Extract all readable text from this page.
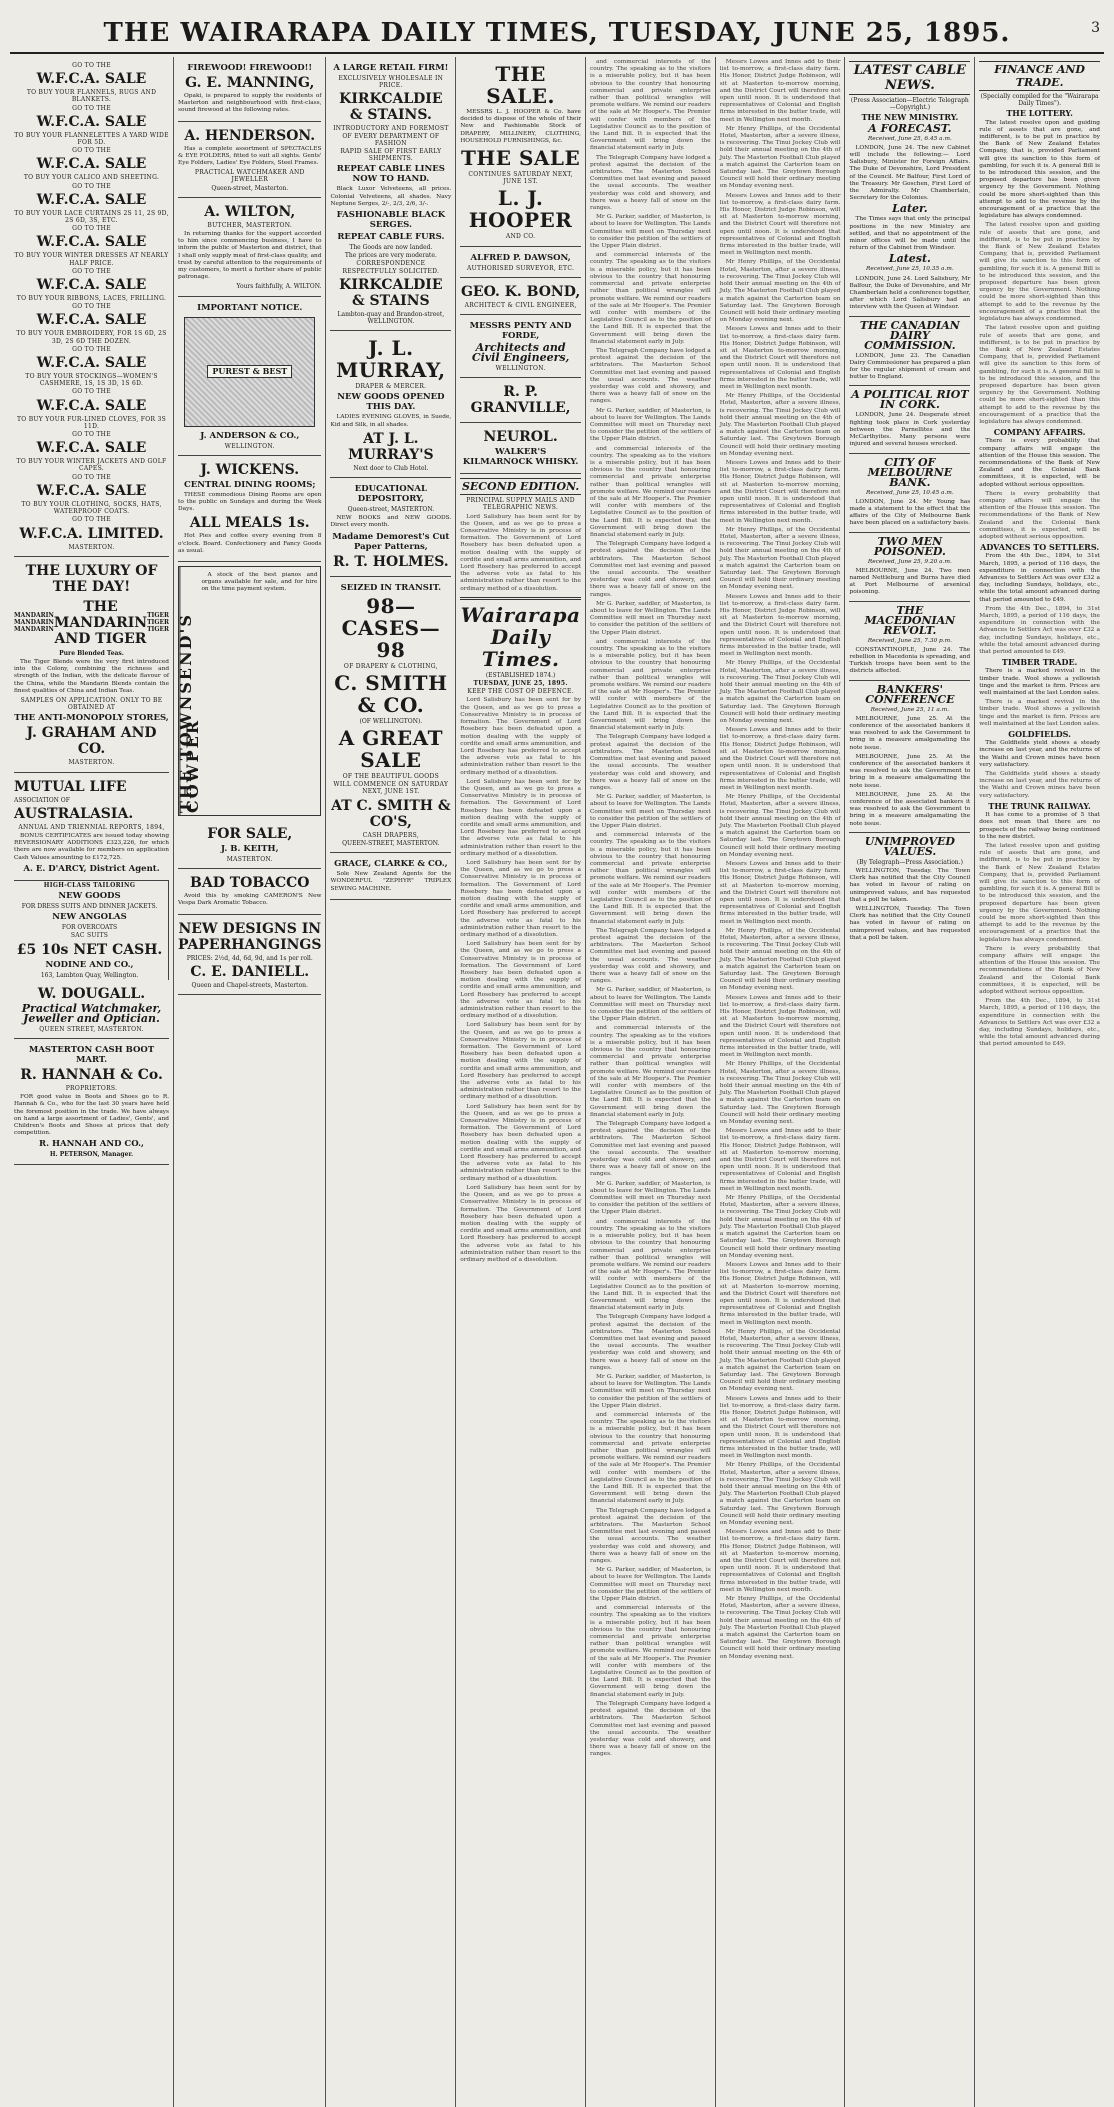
THE WAIRARAPA DAILY TIMES, TUESDAY, JUNE 25, 1895.	3
GO TO THE
W.F.C.A. SALE
TO BUY YOUR FLANNELS, RUGS AND BLANKETS.
GO TO THE
W.F.C.A. SALE
TO BUY YOUR FLANNELETTES A YARD WIDE FOR 5D.
GO TO THE
W.F.C.A. SALE
TO BUY YOUR CALICO AND SHEETING.
GO TO THE
W.F.C.A. SALE
TO BUY YOUR LACE CURTAINS 2S 11, 2S 9D, 2S 6D, 3S, ETC.
GO TO THE
W.F.C.A. SALE
TO BUY YOUR WINTER DRESSES AT NEARLY HALF PRICE.
GO TO THE
W.F.C.A. SALE
TO BUY YOUR RIBBONS, LACES, FRILLING.
GO TO THE
W.F.C.A. SALE
TO BUY YOUR EMBROIDERY, FOR 1S 6D, 2S 3D, 2S 6D THE DOZEN.
GO TO THE
W.F.C.A. SALE
TO BUY YOUR STOCKINGS—WOMEN'S CASHMERE, 1S, 1S 3D, 1S 6D.
GO TO THE
W.F.C.A. SALE
TO BUY YOUR FUR-LINED CLOVES, FOR 3S 11D.
GO TO THE
W.F.C.A. SALE
TO BUY YOUR WINTER JACKETS AND GOLF CAPES.
GO TO THE
W.F.C.A. SALE
TO BUY YOUR CLOTHING, SOCKS, HATS, WATERPROOF COATS.
GO TO THE
W.F.C.A. LIMITED.
MASTERTON.
THE LUXURY OF THE DAY!
MANDARIN
MANDARIN
MANDARIN
THE MANDARIN AND TIGER
TIGER
TIGER
TIGER
Pure Blended Teas.
The Tiger Blends were the very first introduced into the Colony, combining the richness and strength of the Indian, with the delicate flavour of the China, while the Mandarin Blends contain the finest qualities of China and Indian Teas.
SAMPLES ON APPLICATION. ONLY TO BE OBTAINED AT
THE ANTI-MONOPOLY STORES,
J. GRAHAM AND CO.
MASTERTON.
MUTUAL LIFE
ASSOCIATION OF
AUSTRALASIA.
ANNUAL AND TRIENNIAL REPORTS, 1894,
BONUS CERTIFICATES are issued today showing REVERSIONARY ADDITIONS £323,226, for which there are now available for members on application Cash Values amounting to £172,725.
A. E. D'ARCY, District Agent.
HIGH-CLASS TAILORING
NEW GOODS
FOR DRESS SUITS AND DINNER JACKETS.
NEW ANGOLAS
FOR OVERCOATS
SAC SUITS
£5 10s NET CASH.
NODINE AND CO.,
163, Lambton Quay, Wellington.
W. DOUGALL.
Practical Watchmaker, Jeweller and Optician.
QUEEN STREET, MASTERTON.
MASTERTON CASH BOOT MART.
R. HANNAH & Co.
PROPRIETORS.
FOR good value in Boots and Shoes go to R. Hannah & Co., who for the last 30 years have held the foremost position in the trade. We have always on hand a large assortment of Ladies', Gents', and Children's Boots and Shoes at prices that defy competition.
R. HANNAH AND CO.,
H. PETERSON, Manager.
FIREWOOD! FIREWOOD!!
G. E. MANNING,
Opaki, is prepared to supply the residents of Masterton and neighbourhood with first-class, sound firewood at the following rates.
A. HENDERSON.
Has a complete assortment of SPECTACLES & EYE FOLDERS, fitted to suit all sights. Gents' Eye Folders, Ladies' Eye Folders, Steel Frames.
PRACTICAL WATCHMAKER AND JEWELLER
Queen-street, Masterton.
A. WILTON,
BUTCHER, MASTERTON.
In returning thanks for the support accorded to him since commencing business, I have to inform the public of Masterton and district, that I shall only supply meat of first-class quality, and trust by careful attention to the requirements of my customers, to merit a further share of public patronage.
Yours faithfully, A. WILTON.
IMPORTANT NOTICE.
PUREST & BEST
J. ANDERSON & CO.,
WELLINGTON.
J. WICKENS.
CENTRAL DINING ROOMS;
THESE commodious Dining Rooms are open to the public on Sundays and during the Week Days.
ALL MEALS 1s.
Hot Pies and coffee every evening from 8 o'clock. Board. Confectionery and Fancy Goods as usual.
THE TOWNSEND'S COWPER
A stock of the best pianos and organs available for sale, and for hire on the time payment system.
FOR SALE,
J. B. KEITH,
MASTERTON.
BAD TOBACCO
Avoid this by smoking CAMERON'S New Vespa Dark Aromatic Tobacco.
NEW DESIGNS IN PAPERHANGINGS
PRICES: 2½d, 4d, 6d, 9d, and 1s per roll.
C. E. DANIELL.
Queen and Chapel-streets, Masterton.
A LARGE RETAIL FIRM!
EXCLUSIVELY WHOLESALE IN PRICE.
KIRKCALDIE & STAINS.
INTRODUCTORY AND FOREMOST OF EVERY DEPARTMENT OF FASHION
RAPID SALE OF FIRST EARLY SHIPMENTS.
REPEAT CABLE LINES NOW TO HAND.
Black Luxor Velveteens, all prices. Colonial Velveteens, all shades. Navy Neptune Serges, 2/-, 2/3, 2/6, 3/-.
FASHIONABLE BLACK SERGES.
REPEAT CABLE FURS.
The Goods are now landed.
The prices are very moderate.
CORRESPONDENCE RESPECTFULLY SOLICITED.
KIRKCALDIE & STAINS
Lambton-quay and Brandon-street, WELLINGTON.
J. L. MURRAY,
DRAPER & MERCER.
NEW GOODS OPENED THIS DAY.
LADIES EVENING GLOVES, in Suede, Kid and Silk, in all shades.
AT J. L. MURRAY'S
Next door to Club Hotel.
EDUCATIONAL DEPOSITORY,
Queen-street, MASTERTON.
NEW BOOKS and NEW GOODS. Direct every month.
Madame Demorest's Cut Paper Patterns,
R. T. HOLMES.
SEIZED IN TRANSIT.
98—CASES—98
OF DRAPERY & CLOTHING,
C. SMITH & CO.
(OF WELLINGTON).
A GREAT SALE
OF THE BEAUTIFUL GOODS
WILL COMMENCE ON SATURDAY NEXT, JUNE 1ST.
AT C. SMITH & CO'S,
CASH DRAPERS,
QUEEN-STREET, MASTERTON.
GRACE, CLARKE & CO.,
Sole New Zealand Agents for the WONDERFUL "ZEPHYR" TRIPLEX SEWING MACHINE.
THE SALE.
MESSRS L. J. HOOPER & Co. have decided to dispose of the whole of their New and Fashionable Stock of DRAPERY, MILLINERY, CLOTHING, HOUSEHOLD FURNISHINGS, &c.
THE SALE
CONTINUES SATURDAY NEXT, JUNE 1ST.
L. J. HOOPER
AND CO.
ALFRED P. DAWSON,
AUTHORISED SURVEYOR, ETC.
GEO. K. BOND,
ARCHITECT & CIVIL ENGINEER,
MESSRS PENTY AND FORDE,
Architects and Civil Engineers,
WELLINGTON.
R. P. GRANVILLE,
NEUROL.
WALKER'S KILMARNOCK WHISKY.
SECOND EDITION.
PRINCIPAL SUPPLY MAILS AND TELEGRAPHIC NEWS.
Lord Salisbury has been sent for by the Queen, and as we go to press a Conservative Ministry is in process of formation. The Government of Lord Rosebery has been defeated upon a motion dealing with the supply of cordite and small arms ammunition, and Lord Rosebery has preferred to accept the adverse vote as fatal to his administration rather than resort to the ordinary method of a dissolution.
Wairarapa Daily Times.
(ESTABLISHED 1874.)
TUESDAY, JUNE 25, 1895.
KEEP THE COST OF DEFENCE.
Lord Salisbury has been sent for by the Queen, and as we go to press a Conservative Ministry is in process of formation. The Government of Lord Rosebery has been defeated upon a motion dealing with the supply of cordite and small arms ammunition, and Lord Rosebery has preferred to accept the adverse vote as fatal to his administration rather than resort to the ordinary method of a dissolution.
Lord Salisbury has been sent for by the Queen, and as we go to press a Conservative Ministry is in process of formation. The Government of Lord Rosebery has been defeated upon a motion dealing with the supply of cordite and small arms ammunition, and Lord Rosebery has preferred to accept the adverse vote as fatal to his administration rather than resort to the ordinary method of a dissolution.
Lord Salisbury has been sent for by the Queen, and as we go to press a Conservative Ministry is in process of formation. The Government of Lord Rosebery has been defeated upon a motion dealing with the supply of cordite and small arms ammunition, and Lord Rosebery has preferred to accept the adverse vote as fatal to his administration rather than resort to the ordinary method of a dissolution.
Lord Salisbury has been sent for by the Queen, and as we go to press a Conservative Ministry is in process of formation. The Government of Lord Rosebery has been defeated upon a motion dealing with the supply of cordite and small arms ammunition, and Lord Rosebery has preferred to accept the adverse vote as fatal to his administration rather than resort to the ordinary method of a dissolution.
Lord Salisbury has been sent for by the Queen, and as we go to press a Conservative Ministry is in process of formation. The Government of Lord Rosebery has been defeated upon a motion dealing with the supply of cordite and small arms ammunition, and Lord Rosebery has preferred to accept the adverse vote as fatal to his administration rather than resort to the ordinary method of a dissolution.
Lord Salisbury has been sent for by the Queen, and as we go to press a Conservative Ministry is in process of formation. The Government of Lord Rosebery has been defeated upon a motion dealing with the supply of cordite and small arms ammunition, and Lord Rosebery has preferred to accept the adverse vote as fatal to his administration rather than resort to the ordinary method of a dissolution.
Lord Salisbury has been sent for by the Queen, and as we go to press a Conservative Ministry is in process of formation. The Government of Lord Rosebery has been defeated upon a motion dealing with the supply of cordite and small arms ammunition, and Lord Rosebery has preferred to accept the adverse vote as fatal to his administration rather than resort to the ordinary method of a dissolution.
and commercial interests of the country. The speaking as to the visitors is a miserable policy, but it has been obvious to the country that honouring commercial and private enterprise rather than political wrangles will promote welfare. We remind our readers of the sale at Mr Hooper's. The Premier will confer with members of the Legislative Council as to the position of the Land Bill. It is expected that the Government will bring down the financial statement early in July.
The Telegraph Company have lodged a protest against the decision of the arbitrators. The Masterton School Committee met last evening and passed the usual accounts. The weather yesterday was cold and showery, and there was a heavy fall of snow on the ranges.
Mr G. Parker, saddler, of Masterton, is about to leave for Wellington. The Lands Committee will meet on Thursday next to consider the petition of the settlers of the Upper Plain district.
and commercial interests of the country. The speaking as to the visitors is a miserable policy, but it has been obvious to the country that honouring commercial and private enterprise rather than political wrangles will promote welfare. We remind our readers of the sale at Mr Hooper's. The Premier will confer with members of the Legislative Council as to the position of the Land Bill. It is expected that the Government will bring down the financial statement early in July.
The Telegraph Company have lodged a protest against the decision of the arbitrators. The Masterton School Committee met last evening and passed the usual accounts. The weather yesterday was cold and showery, and there was a heavy fall of snow on the ranges.
Mr G. Parker, saddler, of Masterton, is about to leave for Wellington. The Lands Committee will meet on Thursday next to consider the petition of the settlers of the Upper Plain district.
and commercial interests of the country. The speaking as to the visitors is a miserable policy, but it has been obvious to the country that honouring commercial and private enterprise rather than political wrangles will promote welfare. We remind our readers of the sale at Mr Hooper's. The Premier will confer with members of the Legislative Council as to the position of the Land Bill. It is expected that the Government will bring down the financial statement early in July.
The Telegraph Company have lodged a protest against the decision of the arbitrators. The Masterton School Committee met last evening and passed the usual accounts. The weather yesterday was cold and showery, and there was a heavy fall of snow on the ranges.
Mr G. Parker, saddler, of Masterton, is about to leave for Wellington. The Lands Committee will meet on Thursday next to consider the petition of the settlers of the Upper Plain district.
and commercial interests of the country. The speaking as to the visitors is a miserable policy, but it has been obvious to the country that honouring commercial and private enterprise rather than political wrangles will promote welfare. We remind our readers of the sale at Mr Hooper's. The Premier will confer with members of the Legislative Council as to the position of the Land Bill. It is expected that the Government will bring down the financial statement early in July.
The Telegraph Company have lodged a protest against the decision of the arbitrators. The Masterton School Committee met last evening and passed the usual accounts. The weather yesterday was cold and showery, and there was a heavy fall of snow on the ranges.
Mr G. Parker, saddler, of Masterton, is about to leave for Wellington. The Lands Committee will meet on Thursday next to consider the petition of the settlers of the Upper Plain district.
and commercial interests of the country. The speaking as to the visitors is a miserable policy, but it has been obvious to the country that honouring commercial and private enterprise rather than political wrangles will promote welfare. We remind our readers of the sale at Mr Hooper's. The Premier will confer with members of the Legislative Council as to the position of the Land Bill. It is expected that the Government will bring down the financial statement early in July.
The Telegraph Company have lodged a protest against the decision of the arbitrators. The Masterton School Committee met last evening and passed the usual accounts. The weather yesterday was cold and showery, and there was a heavy fall of snow on the ranges.
Mr G. Parker, saddler, of Masterton, is about to leave for Wellington. The Lands Committee will meet on Thursday next to consider the petition of the settlers of the Upper Plain district.
and commercial interests of the country. The speaking as to the visitors is a miserable policy, but it has been obvious to the country that honouring commercial and private enterprise rather than political wrangles will promote welfare. We remind our readers of the sale at Mr Hooper's. The Premier will confer with members of the Legislative Council as to the position of the Land Bill. It is expected that the Government will bring down the financial statement early in July.
The Telegraph Company have lodged a protest against the decision of the arbitrators. The Masterton School Committee met last evening and passed the usual accounts. The weather yesterday was cold and showery, and there was a heavy fall of snow on the ranges.
Mr G. Parker, saddler, of Masterton, is about to leave for Wellington. The Lands Committee will meet on Thursday next to consider the petition of the settlers of the Upper Plain district.
and commercial interests of the country. The speaking as to the visitors is a miserable policy, but it has been obvious to the country that honouring commercial and private enterprise rather than political wrangles will promote welfare. We remind our readers of the sale at Mr Hooper's. The Premier will confer with members of the Legislative Council as to the position of the Land Bill. It is expected that the Government will bring down the financial statement early in July.
The Telegraph Company have lodged a protest against the decision of the arbitrators. The Masterton School Committee met last evening and passed the usual accounts. The weather yesterday was cold and showery, and there was a heavy fall of snow on the ranges.
Mr G. Parker, saddler, of Masterton, is about to leave for Wellington. The Lands Committee will meet on Thursday next to consider the petition of the settlers of the Upper Plain district.
and commercial interests of the country. The speaking as to the visitors is a miserable policy, but it has been obvious to the country that honouring commercial and private enterprise rather than political wrangles will promote welfare. We remind our readers of the sale at Mr Hooper's. The Premier will confer with members of the Legislative Council as to the position of the Land Bill. It is expected that the Government will bring down the financial statement early in July.
The Telegraph Company have lodged a protest against the decision of the arbitrators. The Masterton School Committee met last evening and passed the usual accounts. The weather yesterday was cold and showery, and there was a heavy fall of snow on the ranges.
Mr G. Parker, saddler, of Masterton, is about to leave for Wellington. The Lands Committee will meet on Thursday next to consider the petition of the settlers of the Upper Plain district.
and commercial interests of the country. The speaking as to the visitors is a miserable policy, but it has been obvious to the country that honouring commercial and private enterprise rather than political wrangles will promote welfare. We remind our readers of the sale at Mr Hooper's. The Premier will confer with members of the Legislative Council as to the position of the Land Bill. It is expected that the Government will bring down the financial statement early in July.
The Telegraph Company have lodged a protest against the decision of the arbitrators. The Masterton School Committee met last evening and passed the usual accounts. The weather yesterday was cold and showery, and there was a heavy fall of snow on the ranges.
Messrs Lowes and Innes add to their list to-morrow, a first-class dairy farm. His Honor, District Judge Robinson, will sit at Masterton to-morrow morning, and the District Court will therefore not open until noon. It is understood that representatives of Colonial and English firms interested in the butter trade, will meet in Wellington next month.
Mr Henry Phillips, of the Occidental Hotel, Masterton, after a severe illness, is recovering. The Tinui Jockey Club will hold their annual meeting on the 4th of July. The Masterton Football Club played a match against the Carterton team on Saturday last. The Greytown Borough Council will hold their ordinary meeting on Monday evening next.
Messrs Lowes and Innes add to their list to-morrow, a first-class dairy farm. His Honor, District Judge Robinson, will sit at Masterton to-morrow morning, and the District Court will therefore not open until noon. It is understood that representatives of Colonial and English firms interested in the butter trade, will meet in Wellington next month.
Mr Henry Phillips, of the Occidental Hotel, Masterton, after a severe illness, is recovering. The Tinui Jockey Club will hold their annual meeting on the 4th of July. The Masterton Football Club played a match against the Carterton team on Saturday last. The Greytown Borough Council will hold their ordinary meeting on Monday evening next.
Messrs Lowes and Innes add to their list to-morrow, a first-class dairy farm. His Honor, District Judge Robinson, will sit at Masterton to-morrow morning, and the District Court will therefore not open until noon. It is understood that representatives of Colonial and English firms interested in the butter trade, will meet in Wellington next month.
Mr Henry Phillips, of the Occidental Hotel, Masterton, after a severe illness, is recovering. The Tinui Jockey Club will hold their annual meeting on the 4th of July. The Masterton Football Club played a match against the Carterton team on Saturday last. The Greytown Borough Council will hold their ordinary meeting on Monday evening next.
Messrs Lowes and Innes add to their list to-morrow, a first-class dairy farm. His Honor, District Judge Robinson, will sit at Masterton to-morrow morning, and the District Court will therefore not open until noon. It is understood that representatives of Colonial and English firms interested in the butter trade, will meet in Wellington next month.
Mr Henry Phillips, of the Occidental Hotel, Masterton, after a severe illness, is recovering. The Tinui Jockey Club will hold their annual meeting on the 4th of July. The Masterton Football Club played a match against the Carterton team on Saturday last. The Greytown Borough Council will hold their ordinary meeting on Monday evening next.
Messrs Lowes and Innes add to their list to-morrow, a first-class dairy farm. His Honor, District Judge Robinson, will sit at Masterton to-morrow morning, and the District Court will therefore not open until noon. It is understood that representatives of Colonial and English firms interested in the butter trade, will meet in Wellington next month.
Mr Henry Phillips, of the Occidental Hotel, Masterton, after a severe illness, is recovering. The Tinui Jockey Club will hold their annual meeting on the 4th of July. The Masterton Football Club played a match against the Carterton team on Saturday last. The Greytown Borough Council will hold their ordinary meeting on Monday evening next.
Messrs Lowes and Innes add to their list to-morrow, a first-class dairy farm. His Honor, District Judge Robinson, will sit at Masterton to-morrow morning, and the District Court will therefore not open until noon. It is understood that representatives of Colonial and English firms interested in the butter trade, will meet in Wellington next month.
Mr Henry Phillips, of the Occidental Hotel, Masterton, after a severe illness, is recovering. The Tinui Jockey Club will hold their annual meeting on the 4th of July. The Masterton Football Club played a match against the Carterton team on Saturday last. The Greytown Borough Council will hold their ordinary meeting on Monday evening next.
Messrs Lowes and Innes add to their list to-morrow, a first-class dairy farm. His Honor, District Judge Robinson, will sit at Masterton to-morrow morning, and the District Court will therefore not open until noon. It is understood that representatives of Colonial and English firms interested in the butter trade, will meet in Wellington next month.
Mr Henry Phillips, of the Occidental Hotel, Masterton, after a severe illness, is recovering. The Tinui Jockey Club will hold their annual meeting on the 4th of July. The Masterton Football Club played a match against the Carterton team on Saturday last. The Greytown Borough Council will hold their ordinary meeting on Monday evening next.
Messrs Lowes and Innes add to their list to-morrow, a first-class dairy farm. His Honor, District Judge Robinson, will sit at Masterton to-morrow morning, and the District Court will therefore not open until noon. It is understood that representatives of Colonial and English firms interested in the butter trade, will meet in Wellington next month.
Mr Henry Phillips, of the Occidental Hotel, Masterton, after a severe illness, is recovering. The Tinui Jockey Club will hold their annual meeting on the 4th of July. The Masterton Football Club played a match against the Carterton team on Saturday last. The Greytown Borough Council will hold their ordinary meeting on Monday evening next.
Messrs Lowes and Innes add to their list to-morrow, a first-class dairy farm. His Honor, District Judge Robinson, will sit at Masterton to-morrow morning, and the District Court will therefore not open until noon. It is understood that representatives of Colonial and English firms interested in the butter trade, will meet in Wellington next month.
Mr Henry Phillips, of the Occidental Hotel, Masterton, after a severe illness, is recovering. The Tinui Jockey Club will hold their annual meeting on the 4th of July. The Masterton Football Club played a match against the Carterton team on Saturday last. The Greytown Borough Council will hold their ordinary meeting on Monday evening next.
Messrs Lowes and Innes add to their list to-morrow, a first-class dairy farm. His Honor, District Judge Robinson, will sit at Masterton to-morrow morning, and the District Court will therefore not open until noon. It is understood that representatives of Colonial and English firms interested in the butter trade, will meet in Wellington next month.
Mr Henry Phillips, of the Occidental Hotel, Masterton, after a severe illness, is recovering. The Tinui Jockey Club will hold their annual meeting on the 4th of July. The Masterton Football Club played a match against the Carterton team on Saturday last. The Greytown Borough Council will hold their ordinary meeting on Monday evening next.
Messrs Lowes and Innes add to their list to-morrow, a first-class dairy farm. His Honor, District Judge Robinson, will sit at Masterton to-morrow morning, and the District Court will therefore not open until noon. It is understood that representatives of Colonial and English firms interested in the butter trade, will meet in Wellington next month.
Mr Henry Phillips, of the Occidental Hotel, Masterton, after a severe illness, is recovering. The Tinui Jockey Club will hold their annual meeting on the 4th of July. The Masterton Football Club played a match against the Carterton team on Saturday last. The Greytown Borough Council will hold their ordinary meeting on Monday evening next.
Messrs Lowes and Innes add to their list to-morrow, a first-class dairy farm. His Honor, District Judge Robinson, will sit at Masterton to-morrow morning, and the District Court will therefore not open until noon. It is understood that representatives of Colonial and English firms interested in the butter trade, will meet in Wellington next month.
Mr Henry Phillips, of the Occidental Hotel, Masterton, after a severe illness, is recovering. The Tinui Jockey Club will hold their annual meeting on the 4th of July. The Masterton Football Club played a match against the Carterton team on Saturday last. The Greytown Borough Council will hold their ordinary meeting on Monday evening next.
LATEST CABLE NEWS.
(Press Association—Electric Telegraph—Copyright.)
THE NEW MINISTRY.
A FORECAST.
Received, June 25, 6.45 a.m.
LONDON, June 24. The new Cabinet will include the following:— Lord Salisbury, Minister for Foreign Affairs. The Duke of Devonshire, Lord President of the Council. Mr Balfour, First Lord of the Treasury. Mr Goschen, First Lord of the Admiralty. Mr Chamberlain, Secretary for the Colonies.
Later.
The Times says that only the principal positions in the new Ministry are settled, and that no appointment of the minor offices will be made until the return of the Cabinet from Windsor.
Latest.
Received, June 25, 10.35 a.m.
LONDON, June 24. Lord Salisbury, Mr Balfour, the Duke of Devonshire, and Mr Chamberlain held a conference together, after which Lord Salisbury had an interview with the Queen at Windsor.
THE CANADIAN DAIRY COMMISSION.
LONDON, June 23. The Canadian Dairy Commissioner has prepared a plan for the regular shipment of cream and butter to England.
A POLITICAL RIOT IN CORK.
LONDON, June 24. Desperate street fighting took place in Cork yesterday between the Parnellites and the McCarthyites. Many persons were injured and several houses wrecked.
CITY OF MELBOURNE BANK.
Received, June 25, 10.45 a.m.
LONDON, June 24. Mr Young has made a statement to the effect that the affairs of the City of Melbourne Bank have been placed on a satisfactory basis.
TWO MEN POISONED.
Received, June 25, 9.20 a.m.
MELBOURNE, June 24. Two men named Nettleburg and Burns have died at Port Melbourne of arsenical poisoning.
THE MACEDONIAN REVOLT.
Received, June 25, 7.30 p.m.
CONSTANTINOPLE, June 24. The rebellion in Macedonia is spreading, and Turkish troops have been sent to the districts affected.
BANKERS' CONFERENCE
Received, June 25, 11 a.m.
MELBOURNE, June 25. At the conference of the associated bankers it was resolved to ask the Government to bring in a measure amalgamating the note issue.
MELBOURNE, June 25. At the conference of the associated bankers it was resolved to ask the Government to bring in a measure amalgamating the note issue.
MELBOURNE, June 25. At the conference of the associated bankers it was resolved to ask the Government to bring in a measure amalgamating the note issue.
UNIMPROVED VALUES.
(By Telegraph—Press Association.)
WELLINGTON, Tuesday. The Town Clerk has notified that the City Council has voted in favour of rating on unimproved values, and has requested that a poll be taken.
WELLINGTON, Tuesday. The Town Clerk has notified that the City Council has voted in favour of rating on unimproved values, and has requested that a poll be taken.
FINANCE AND TRADE.
(Specially compiled for the "Wairarapa Daily Times").
THE LOTTERY.
The latest resolve upon and guiding rule of assets that are gone, and indifferent, is to be put in practice by the Bank of New Zealand Estates Company, that is, provided Parliament will give its sanction to this form of gambling, for such it is. A general Bill is to be introduced this session, and the proposed departure has been given urgency by the Government. Nothing could be more short-sighted than this attempt to add to the revenue by the encouragement of a practice that the legislature has always condemned.
The latest resolve upon and guiding rule of assets that are gone, and indifferent, is to be put in practice by the Bank of New Zealand Estates Company, that is, provided Parliament will give its sanction to this form of gambling, for such it is. A general Bill is to be introduced this session, and the proposed departure has been given urgency by the Government. Nothing could be more short-sighted than this attempt to add to the revenue by the encouragement of a practice that the legislature has always condemned.
The latest resolve upon and guiding rule of assets that are gone, and indifferent, is to be put in practice by the Bank of New Zealand Estates Company, that is, provided Parliament will give its sanction to this form of gambling, for such it is. A general Bill is to be introduced this session, and the proposed departure has been given urgency by the Government. Nothing could be more short-sighted than this attempt to add to the revenue by the encouragement of a practice that the legislature has always condemned.
COMPANY AFFAIRS.
There is every probability that company affairs will engage the attention of the House this session. The recommendations of the Bank of New Zealand and the Colonial Bank committees, it is expected, will be adopted without serious opposition.
There is every probability that company affairs will engage the attention of the House this session. The recommendations of the Bank of New Zealand and the Colonial Bank committees, it is expected, will be adopted without serious opposition.
ADVANCES TO SETTLERS.
From the 4th Dec., 1894, to 31st March, 1895, a period of 116 days, the expenditure in connection with the Advances to Settlers Act was over £32 a day, including Sundays, holidays, etc., while the total amount advanced during that period amounted to £49.
From the 4th Dec., 1894, to 31st March, 1895, a period of 116 days, the expenditure in connection with the Advances to Settlers Act was over £32 a day, including Sundays, holidays, etc., while the total amount advanced during that period amounted to £49.
TIMBER TRADE.
There is a marked revival in the timber trade. Wool shows a yellowish tinge and the market is firm. Prices are well maintained at the last London sales.
There is a marked revival in the timber trade. Wool shows a yellowish tinge and the market is firm. Prices are well maintained at the last London sales.
GOLDFIELDS.
The Goldfields yield shows a steady increase on last year, and the returns of the Waihi and Crown mines have been very satisfactory.
The Goldfields yield shows a steady increase on last year, and the returns of the Waihi and Crown mines have been very satisfactory.
THE TRUNK RAILWAY.
It has come to a promise of 5 that does not mean that there are no prospects of the railway being continued to the new district.
The latest resolve upon and guiding rule of assets that are gone, and indifferent, is to be put in practice by the Bank of New Zealand Estates Company, that is, provided Parliament will give its sanction to this form of gambling, for such it is. A general Bill is to be introduced this session, and the proposed departure has been given urgency by the Government. Nothing could be more short-sighted than this attempt to add to the revenue by the encouragement of a practice that the legislature has always condemned.
There is every probability that company affairs will engage the attention of the House this session. The recommendations of the Bank of New Zealand and the Colonial Bank committees, it is expected, will be adopted without serious opposition.
From the 4th Dec., 1894, to 31st March, 1895, a period of 116 days, the expenditure in connection with the Advances to Settlers Act was over £32 a day, including Sundays, holidays, etc., while the total amount advanced during that period amounted to £49.
